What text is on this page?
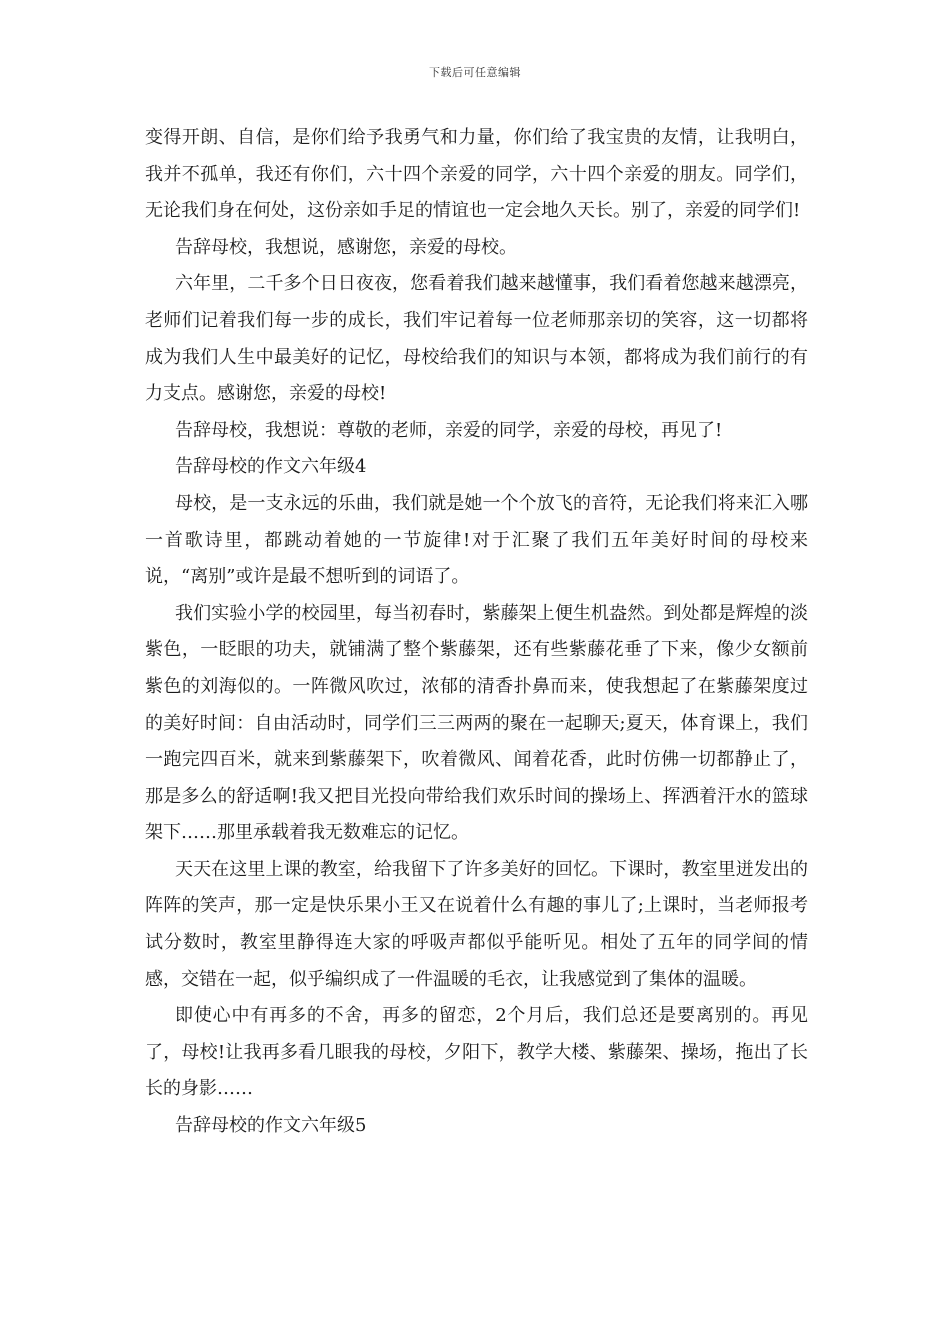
下载后可任意编辑

变得开朗、自信，是你们给予我勇气和力量，你们给了我宝贵的友情，让我明白，我并不孤单，我还有你们，六十四个亲爱的同学，六十四个亲爱的朋友。同学们，无论我们身在何处，这份亲如手足的情谊也一定会地久天长。别了，亲爱的同学们!

告辞母校，我想说，感谢您，亲爱的母校。

六年里，二千多个日日夜夜，您看着我们越来越懂事，我们看着您越来越漂亮，老师们记着我们每一步的成长，我们牢记着每一位老师那亲切的笑容，这一切都将成为我们人生中最美好的记忆，母校给我们的知识与本领，都将成为我们前行的有力支点。感谢您，亲爱的母校!

告辞母校，我想说：尊敬的老师，亲爱的同学，亲爱的母校，再见了!

告辞母校的作文六年级4

母校，是一支永远的乐曲，我们就是她一个个放飞的音符，无论我们将来汇入哪一首歌诗里，都跳动着她的一节旋律!对于汇聚了我们五年美好时间的母校来说，“离别”或许是最不想听到的词语了。

我们实验小学的校园里，每当初春时，紫藤架上便生机盎然。到处都是辉煌的淡紫色，一眨眼的功夫，就铺满了整个紫藤架，还有些紫藤花垂了下来，像少女额前紫色的刘海似的。一阵微风吹过，浓郁的清香扑鼻而来，使我想起了在紫藤架度过的美好时间：自由活动时，同学们三三两两的聚在一起聊天;夏天，体育课上，我们一跑完四百米，就来到紫藤架下，吹着微风、闻着花香，此时仿佛一切都静止了，那是多么的舒适啊!我又把目光投向带给我们欢乐时间的操场上、挥洒着汗水的篮球架下……那里承载着我无数难忘的记忆。

天天在这里上课的教室，给我留下了许多美好的回忆。下课时，教室里迸发出的阵阵的笑声，那一定是快乐果小王又在说着什么有趣的事儿了;上课时，当老师报考试分数时，教室里静得连大家的呼吸声都似乎能听见。相处了五年的同学间的情感，交错在一起，似乎编织成了一件温暖的毛衣，让我感觉到了集体的温暖。

即使心中有再多的不舍，再多的留恋，2个月后，我们总还是要离别的。再见了，母校!让我再多看几眼我的母校，夕阳下，教学大楼、紫藤架、操场，拖出了长长的身影……

告辞母校的作文六年级5
